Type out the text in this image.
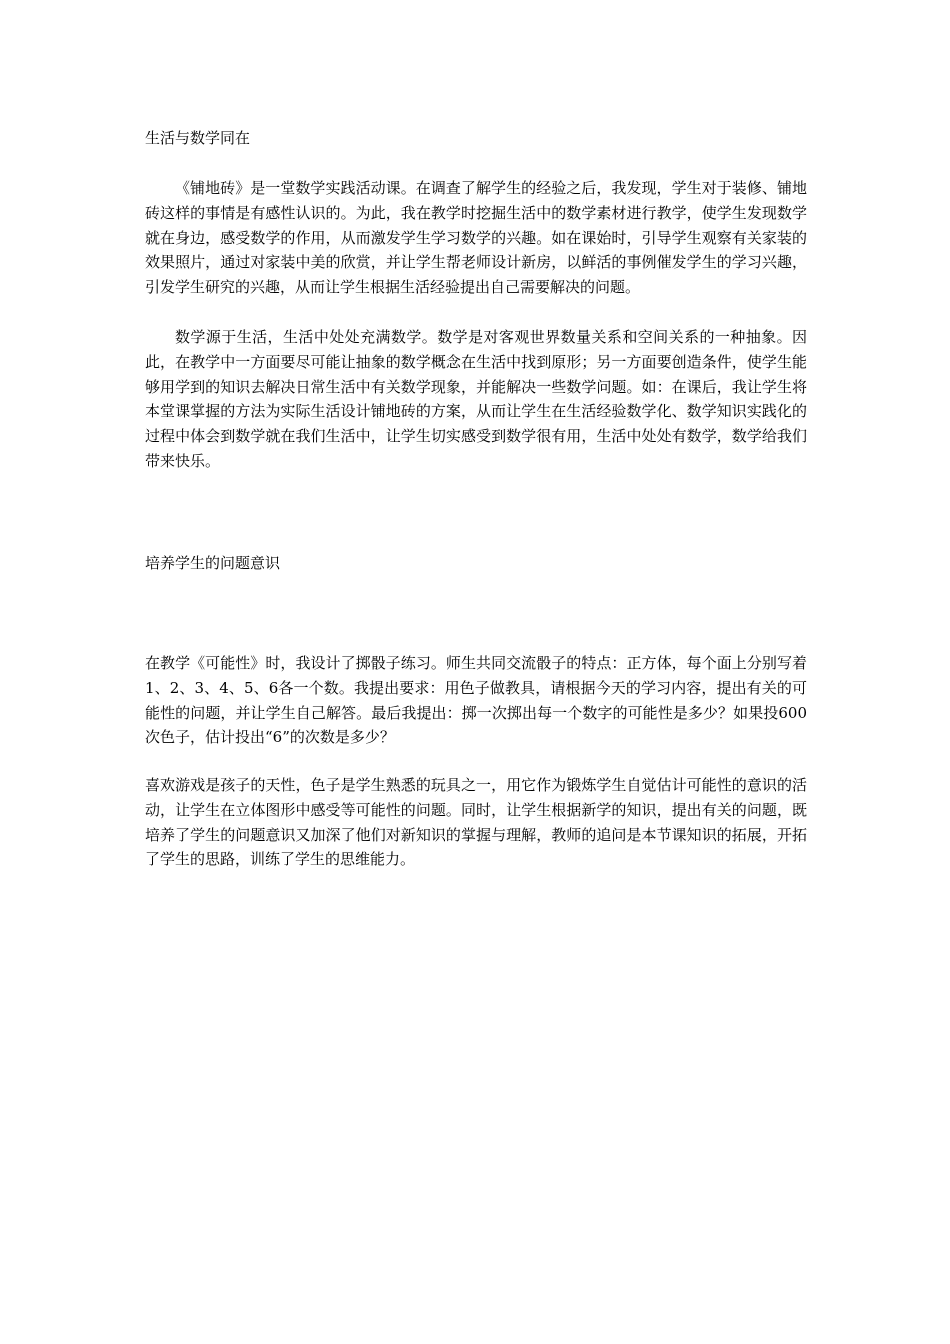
生活与数学同在
《铺地砖》是一堂数学实践活动课。在调查了解学生的经验之后，我发现，学生对于装修、铺地砖这样的事情是有感性认识的。为此，我在教学时挖掘生活中的数学素材进行教学，使学生发现数学就在身边，感受数学的作用，从而激发学生学习数学的兴趣。如在课始时，引导学生观察有关家装的效果照片，通过对家装中美的欣赏，并让学生帮老师设计新房，以鲜活的事例催发学生的学习兴趣，引发学生研究的兴趣，从而让学生根据生活经验提出自己需要解决的问题。
数学源于生活，生活中处处充满数学。数学是对客观世界数量关系和空间关系的一种抽象。因此，在教学中一方面要尽可能让抽象的数学概念在生活中找到原形；另一方面要创造条件，使学生能够用学到的知识去解决日常生活中有关数学现象，并能解决一些数学问题。如：在课后，我让学生将本堂课掌握的方法为实际生活设计铺地砖的方案，从而让学生在生活经验数学化、数学知识实践化的过程中体会到数学就在我们生活中，让学生切实感受到数学很有用，生活中处处有数学，数学给我们带来快乐。
培养学生的问题意识
在教学《可能性》时，我设计了掷骰子练习。师生共同交流骰子的特点：正方体，每个面上分别写着1、2、3、4、5、6各一个数。我提出要求：用色子做教具，请根据今天的学习内容，提出有关的可能性的问题，并让学生自己解答。最后我提出：掷一次掷出每一个数字的可能性是多少？如果投600次色子，估计投出“6”的次数是多少？
喜欢游戏是孩子的天性，色子是学生熟悉的玩具之一，用它作为锻炼学生自觉估计可能性的意识的活动，让学生在立体图形中感受等可能性的问题。同时，让学生根据新学的知识，提出有关的问题，既培养了学生的问题意识又加深了他们对新知识的掌握与理解，教师的追问是本节课知识的拓展，开拓了学生的思路，训练了学生的思维能力。
